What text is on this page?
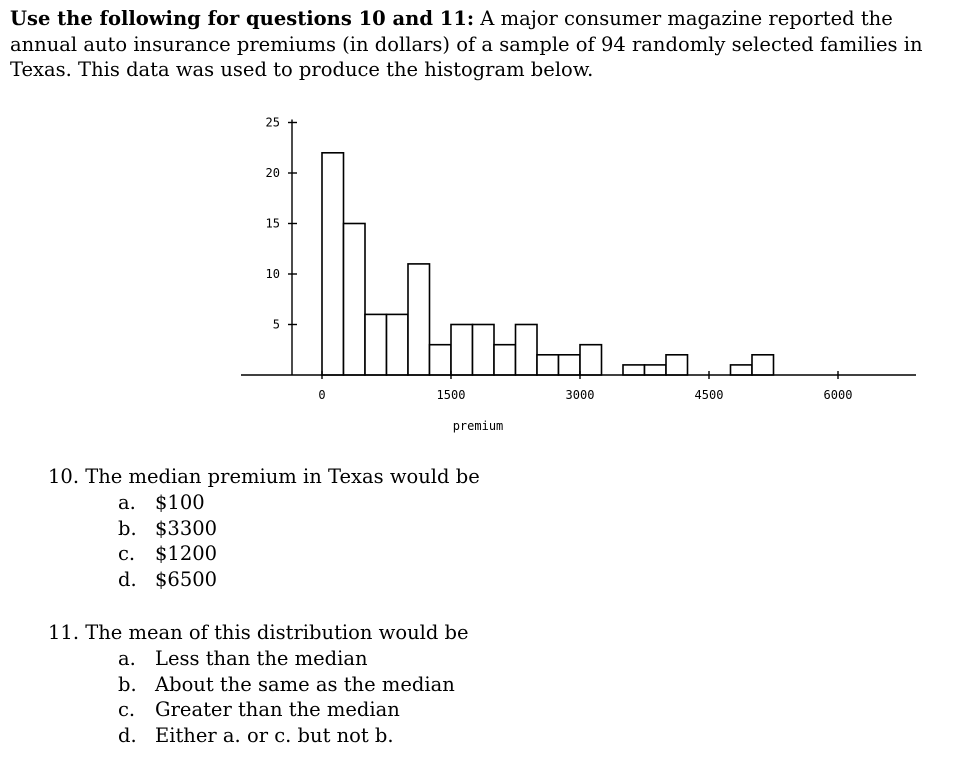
Use the following for questions 10 and 11: A major consumer magazine reported the annual auto insurance premiums (in dollars) of a sample of 94 randomly selected families in Texas. This data was used to produce the histogram below.

5
10
15
20
25
0	1500	3000	4500	6000
premium

10. The median premium in Texas would be

a. $100
b. $3300
c. $1200
d. $6500

11. The mean of this distribution would be

a. Less than the median
b. About the same as the median
c. Greater than the median
d. Either a. or c. but not b.
